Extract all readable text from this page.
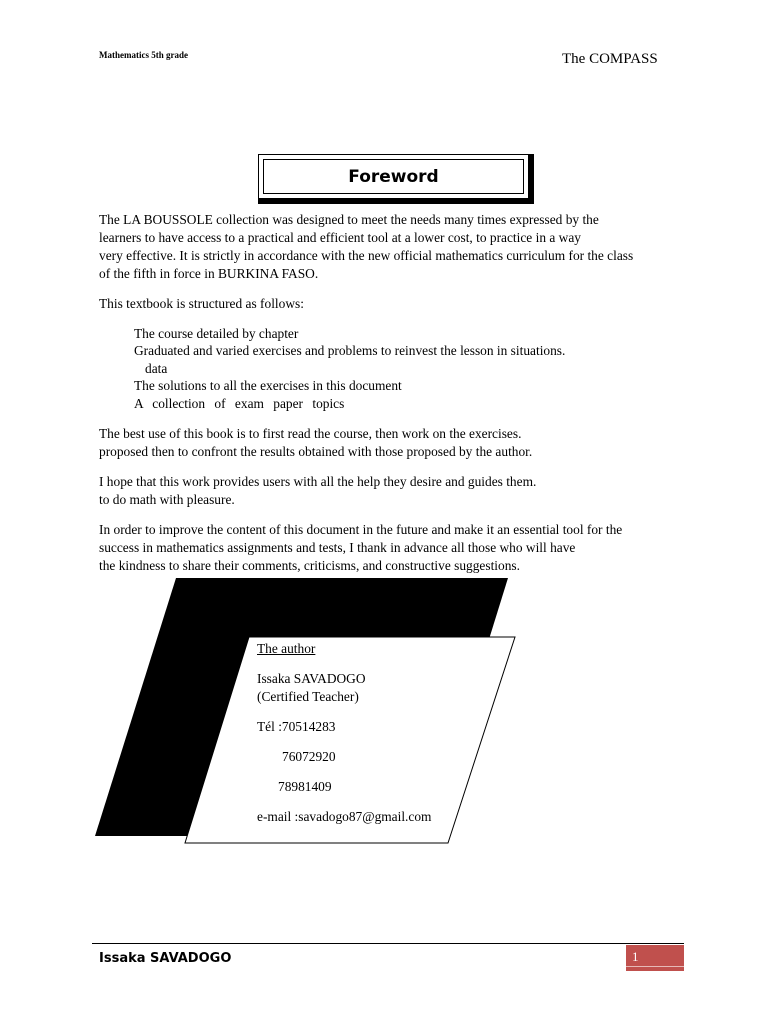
Mathematics 5th grade	The COMPASS
Foreword
The LA BOUSSOLE collection was designed to meet the needs many times expressed by the
learners to have access to a practical and efficient tool at a lower cost, to practice in a way
very effective. It is strictly in accordance with the new official mathematics curriculum for the class
of the fifth in force in BURKINA FASO.
This textbook is structured as follows:
The course detailed by chapter
Graduated and varied exercises and problems to reinvest the lesson in situations.
data
The solutions to all the exercises in this document
A collection of exam paper topics
The best use of this book is to first read the course, then work on the exercises.
proposed then to confront the results obtained with those proposed by the author.
I hope that this work provides users with all the help they desire and guides them.
to do math with pleasure.
In order to improve the content of this document in the future and make it an essential tool for the
success in mathematics assignments and tests, I thank in advance all those who will have
the kindness to share their comments, criticisms, and constructive suggestions.
The author
Issaka SAVADOGO
(Certified Teacher)
Tél :70514283
76072920
78981409
e-mail :savadogo87@gmail.com
Issaka SAVADOGO	1
